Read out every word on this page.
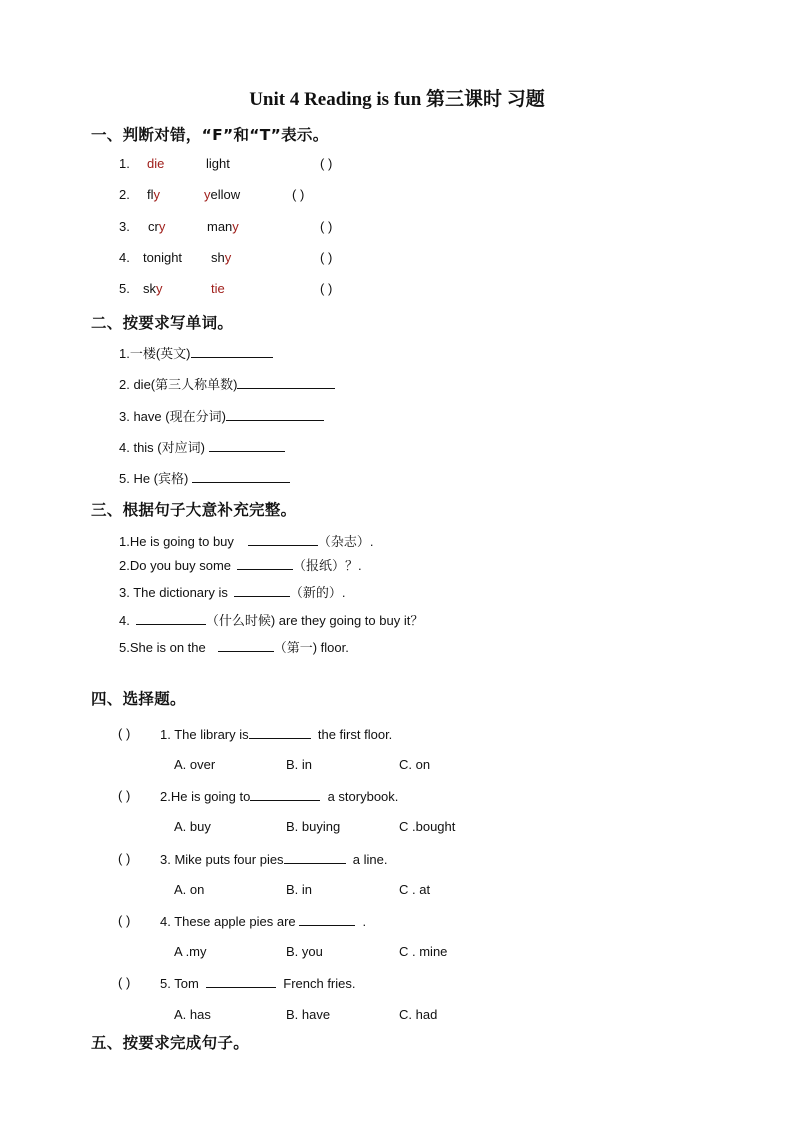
Unit 4 Reading is fun 第三课时 习题
一、判断对错，“F”和“T”表示。
1. die	light	( )
2. fly	yellow	( )
3. cry	many	( )
4. tonight shy	( )
5. sky	tie	( )
二、按要求写单词。
1.一楼(英文)
2. die(第三人称单数)
3. have (现在分词)
4. this (对应词)
5. He (宾格)
三、根据句子大意补充完整。
1.He is going to buy	（杂志）.
2.Do you buy some	（报纸）？.
3. The dictionary is	（新的）.
4.	（什么时候) are they going to buy it？
5.She is on the	（第一) floor.
四、选择题。
( ) 1. The library is	the first floor.
A. over	B. in	C. on
( ) 2.He is going to	a storybook.
A. buy	B. buying	C .bought
( ) 3. Mike puts four pies	a line.
A. on	B. in	C . at
( ) 4. These apple pies are	.
A .my	B. you	C . mine
( ) 5. Tom	French fries.
A. has	B. have	C. had
五、按要求完成句子。
